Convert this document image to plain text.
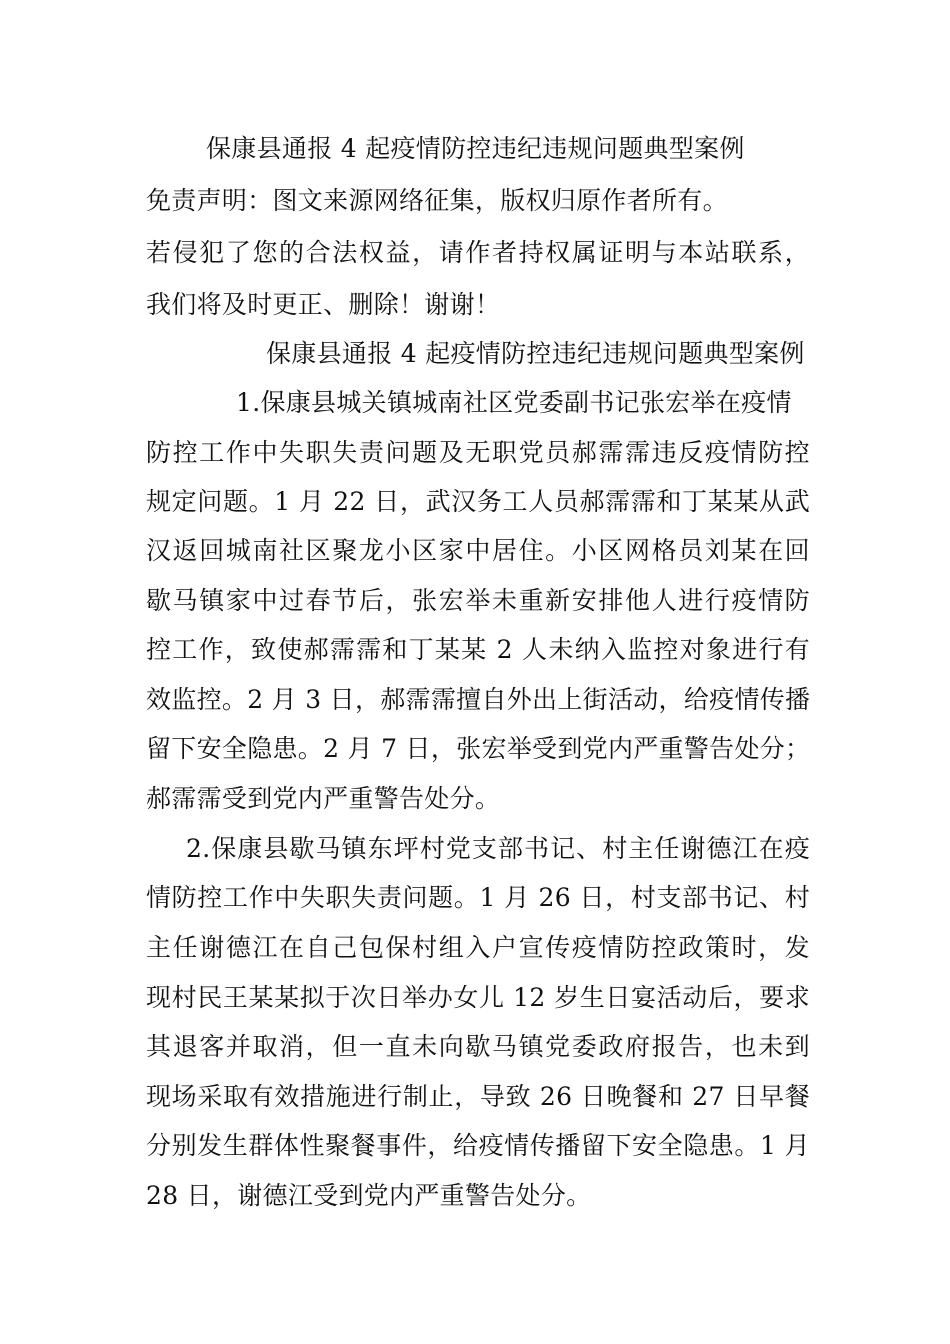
保康县通报 4 起疫情防控违纪违规问题典型案例
免责声明：图文来源网络征集，版权归原作者所有。
若侵犯了您的合法权益，请作者持权属证明与本站联系，
我们将及时更正、删除！谢谢！
保康县通报 4 起疫情防控违纪违规问题典型案例
1.保康县城关镇城南社区党委副书记张宏举在疫情
防控工作中失职失责问题及无职党员郝霈霈违反疫情防控
规定问题。1 月 22 日，武汉务工人员郝霈霈和丁某某从武
汉返回城南社区聚龙小区家中居住。小区网格员刘某在回
歇马镇家中过春节后，张宏举未重新安排他人进行疫情防
控工作，致使郝霈霈和丁某某 2 人未纳入监控对象进行有
效监控。2 月 3 日，郝霈霈擅自外出上街活动，给疫情传播
留下安全隐患。2 月 7 日，张宏举受到党内严重警告处分；
郝霈霈受到党内严重警告处分。
2.保康县歇马镇东坪村党支部书记、村主任谢德江在疫
情防控工作中失职失责问题。1 月 26 日，村支部书记、村
主任谢德江在自己包保村组入户宣传疫情防控政策时，发
现村民王某某拟于次日举办女儿 12 岁生日宴活动后，要求
其退客并取消，但一直未向歇马镇党委政府报告，也未到
现场采取有效措施进行制止，导致 26 日晚餐和 27 日早餐
分别发生群体性聚餐事件，给疫情传播留下安全隐患。1 月
28 日，谢德江受到党内严重警告处分。
